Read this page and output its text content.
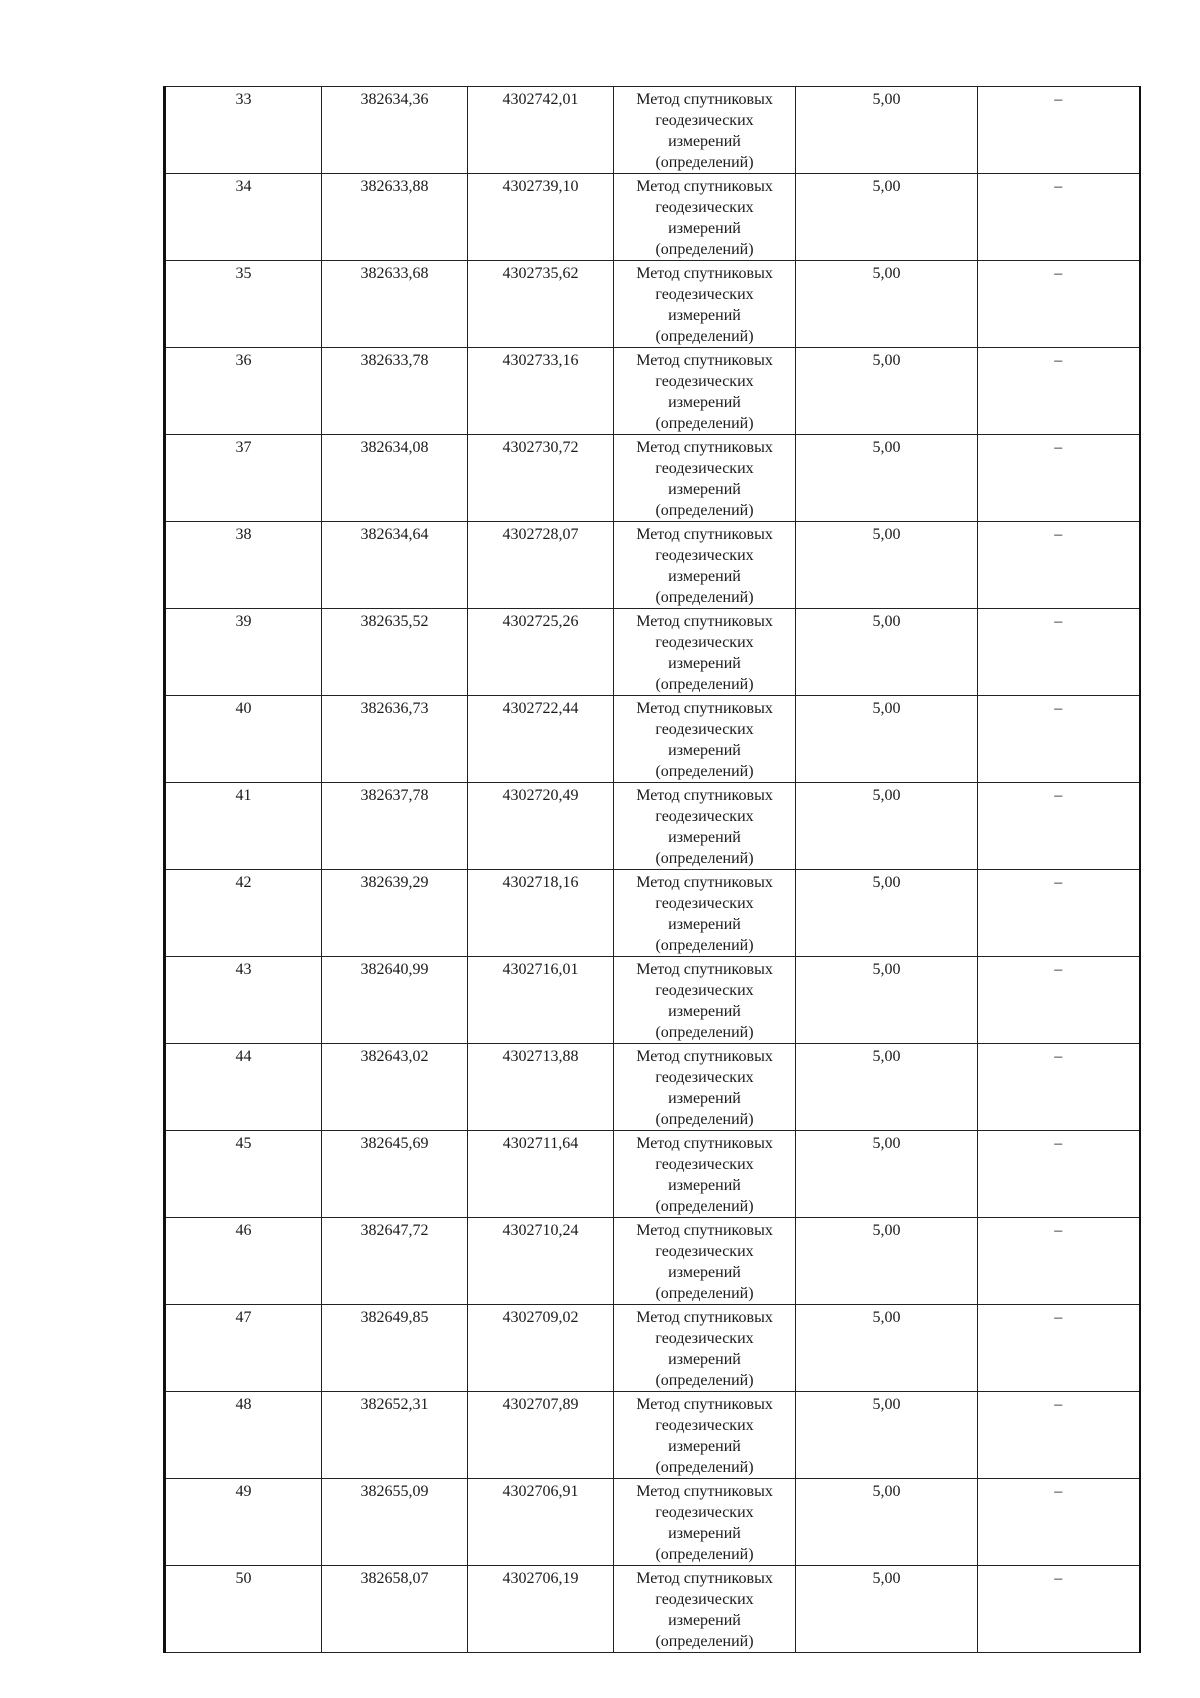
33	382634,36	4302742,01	Метод спутниковых
геодезических
измерений
(определений)	5,00	–
34	382633,88	4302739,10	Метод спутниковых
геодезических
измерений
(определений)	5,00	–
35	382633,68	4302735,62	Метод спутниковых
геодезических
измерений
(определений)	5,00	–
36	382633,78	4302733,16	Метод спутниковых
геодезических
измерений
(определений)	5,00	–
37	382634,08	4302730,72	Метод спутниковых
геодезических
измерений
(определений)	5,00	–
38	382634,64	4302728,07	Метод спутниковых
геодезических
измерений
(определений)	5,00	–
39	382635,52	4302725,26	Метод спутниковых
геодезических
измерений
(определений)	5,00	–
40	382636,73	4302722,44	Метод спутниковых
геодезических
измерений
(определений)	5,00	–
41	382637,78	4302720,49	Метод спутниковых
геодезических
измерений
(определений)	5,00	–
42	382639,29	4302718,16	Метод спутниковых
геодезических
измерений
(определений)	5,00	–
43	382640,99	4302716,01	Метод спутниковых
геодезических
измерений
(определений)	5,00	–
44	382643,02	4302713,88	Метод спутниковых
геодезических
измерений
(определений)	5,00	–
45	382645,69	4302711,64	Метод спутниковых
геодезических
измерений
(определений)	5,00	–
46	382647,72	4302710,24	Метод спутниковых
геодезических
измерений
(определений)	5,00	–
47	382649,85	4302709,02	Метод спутниковых
геодезических
измерений
(определений)	5,00	–
48	382652,31	4302707,89	Метод спутниковых
геодезических
измерений
(определений)	5,00	–
49	382655,09	4302706,91	Метод спутниковых
геодезических
измерений
(определений)	5,00	–
50	382658,07	4302706,19	Метод спутниковых
геодезических
измерений
(определений)	5,00	–
